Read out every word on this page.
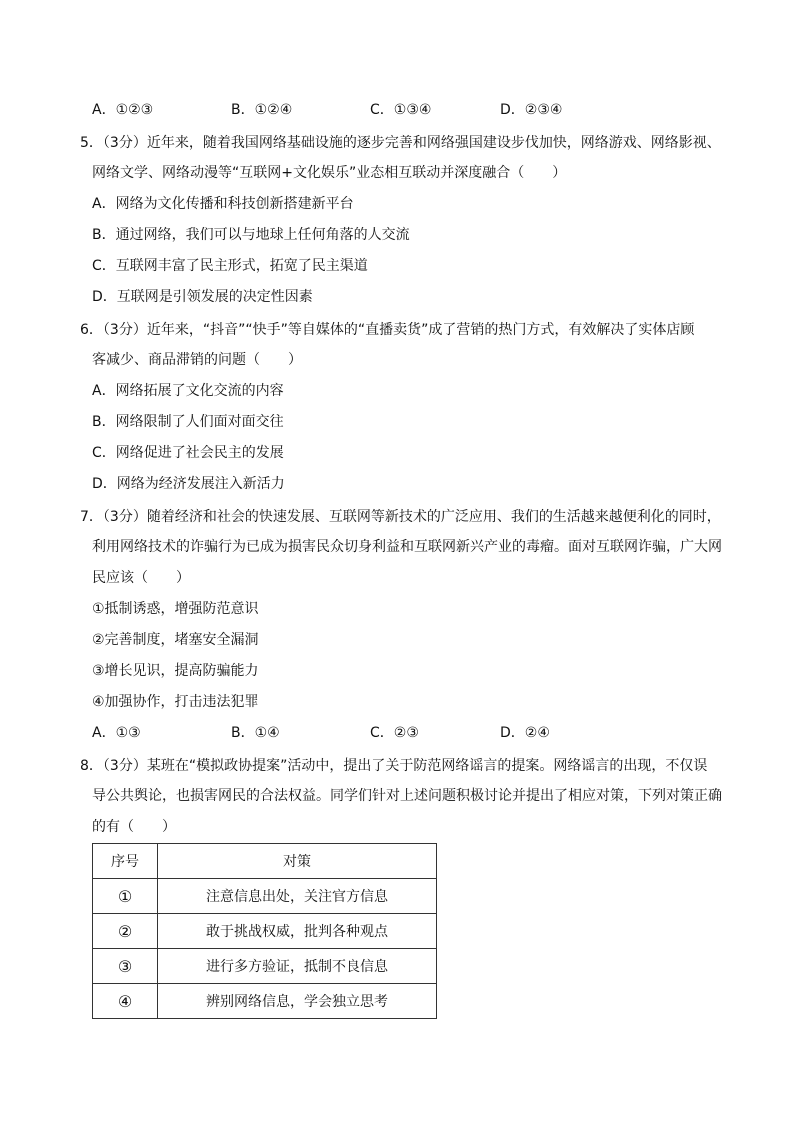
A．①②③	B．①②④	C．①③④	D．②③④
5．（3分）近年来，随着我国网络基础设施的逐步完善和网络强国建设步伐加快，网络游戏、网络影视、
网络文学、网络动漫等“互联网+文化娱乐”业态相互联动并深度融合（　　）
A．网络为文化传播和科技创新搭建新平台
B．通过网络，我们可以与地球上任何角落的人交流
C．互联网丰富了民主形式，拓宽了民主渠道
D．互联网是引领发展的决定性因素
6．（3分）近年来，“抖音”“快手”等自媒体的“直播卖货”成了营销的热门方式，有效解决了实体店顾
客减少、商品滞销的问题（　　）
A．网络拓展了文化交流的内容
B．网络限制了人们面对面交往
C．网络促进了社会民主的发展
D．网络为经济发展注入新活力
7．（3分）随着经济和社会的快速发展、互联网等新技术的广泛应用、我们的生活越来越便利化的同时，
利用网络技术的诈骗行为已成为损害民众切身利益和互联网新兴产业的毒瘤。面对互联网诈骗，广大网
民应该（　　）
①抵制诱惑，增强防范意识
②完善制度，堵塞安全漏洞
③增长见识，提高防骗能力
④加强协作，打击违法犯罪
A．①③	B．①④	C．②③	D．②④
8．（3分）某班在“模拟政协提案”活动中，提出了关于防范网络谣言的提案。网络谣言的出现，不仅误
导公共舆论，也损害网民的合法权益。同学们针对上述问题积极讨论并提出了相应对策，下列对策正确
的有（　　）
序号	对策
①	注意信息出处，关注官方信息
②	敢于挑战权威，批判各种观点
③	进行多方验证，抵制不良信息
④	辨别网络信息，学会独立思考
